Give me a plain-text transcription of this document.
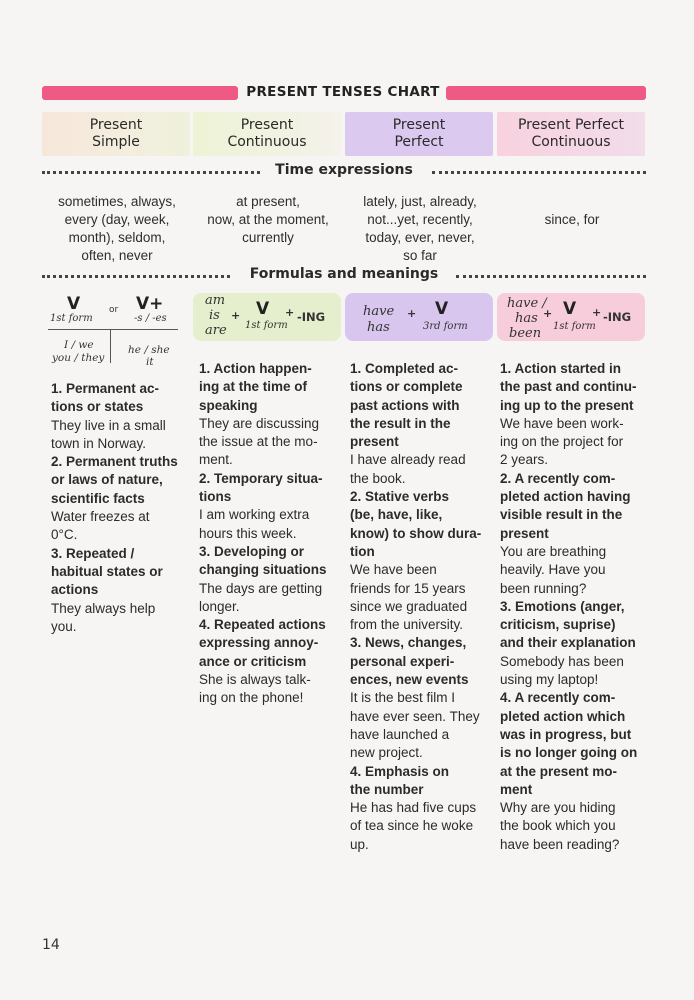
PRESENT TENSES CHART
Present
Simple
Present
Continuous
Present
Perfect
Present Perfect
Continuous
Time expressions
sometimes, always,
every (day, week,
month), seldom,
often, never
at present,
now, at the moment,
currently
lately, just, already,
not...yet, recently,
today, ever, never,
so far
since, for
Formulas and meanings
V
1st form
or V+
-s / -es
I / we
you / they
he / she
it
am
is
are
+ V
1st form
+ -ING	have
has
+ V
3rd form
have /
has
been
+ V
1st form
+ -ING
1. Permanent ac-
tions or states
They live in a small
town in Norway.
2. Permanent truths
or laws of nature,
scientific facts
Water freezes at
0°C.
3. Repeated /
habitual states or
actions
They always help
you.
1. Action happen-
ing at the time of
speaking
They are discussing
the issue at the mo-
ment.
2. Temporary situa-
tions
I am working extra
hours this week.
3. Developing or
changing situations
The days are getting
longer.
4. Repeated actions
expressing annoy-
ance or criticism
She is always talk-
ing on the phone!
1. Completed ac-
tions or complete
past actions with
the result in the
present
I have already read
the book.
2. Stative verbs
(be, have, like,
know) to show dura-
tion
We have been
friends for 15 years
since we graduated
from the university.
3. News, changes,
personal experi-
ences, new events
It is the best film I
have ever seen. They
have launched a
new project.
4. Emphasis on
the number
He has had five cups
of tea since he woke
up.
1. Action started in
the past and continu-
ing up to the present
We have been work-
ing on the project for
2 years.
2. A recently com-
pleted action having
visible result in the
present
You are breathing
heavily. Have you
been running?
3. Emotions (anger,
criticism, suprise)
and their explanation
Somebody has been
using my laptop!
4. A recently com-
pleted action which
was in progress, but
is no longer going on
at the present mo-
ment
Why are you hiding
the book which you
have been reading?
14
